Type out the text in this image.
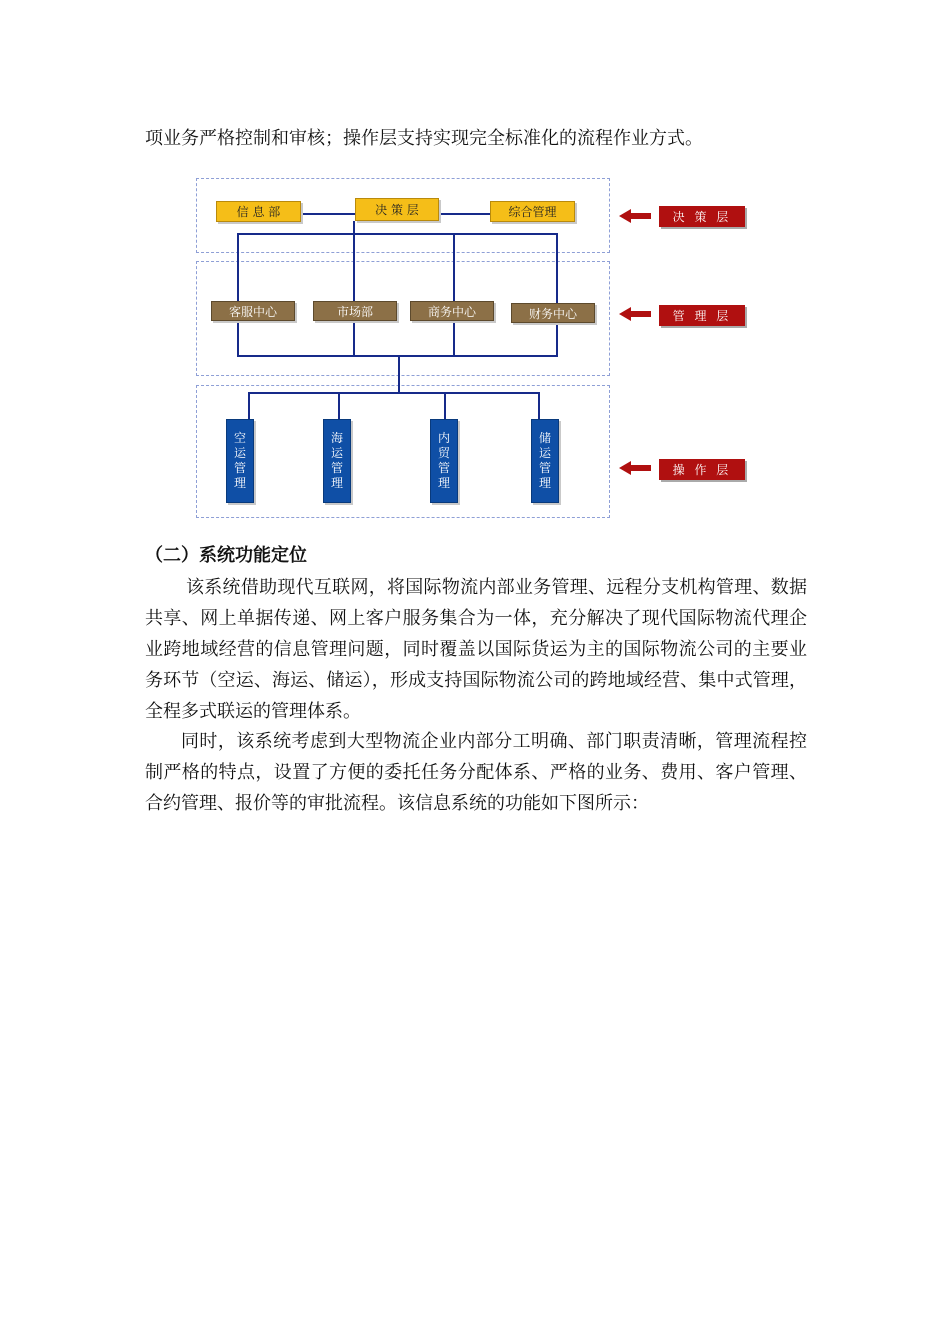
项业务严格控制和审核；操作层支持实现完全标准化的流程作业方式。

信 息 部	决 策 层	综合管理
客服中心	市场部	商务中心	财务中心
空运管理
海运管理
内贸管理
储运管理
决 策 层
管 理 层
操 作 层

（二）系统功能定位

该系统借助现代互联网，将国际物流内部业务管理、远程分支机构管理、数据共享、网上单据传递、网上客户服务集合为一体，充分解决了现代国际物流代理企业跨地域经营的信息管理问题，同时覆盖以国际货运为主的国际物流公司的主要业务环节（空运、海运、储运），形成支持国际物流公司的跨地域经营、集中式管理，全程多式联运的管理体系。

同时，该系统考虑到大型物流企业内部分工明确、部门职责清晰，管理流程控制严格的特点，设置了方便的委托任务分配体系、严格的业务、费用、客户管理、合约管理、报价等的审批流程。该信息系统的功能如下图所示：
